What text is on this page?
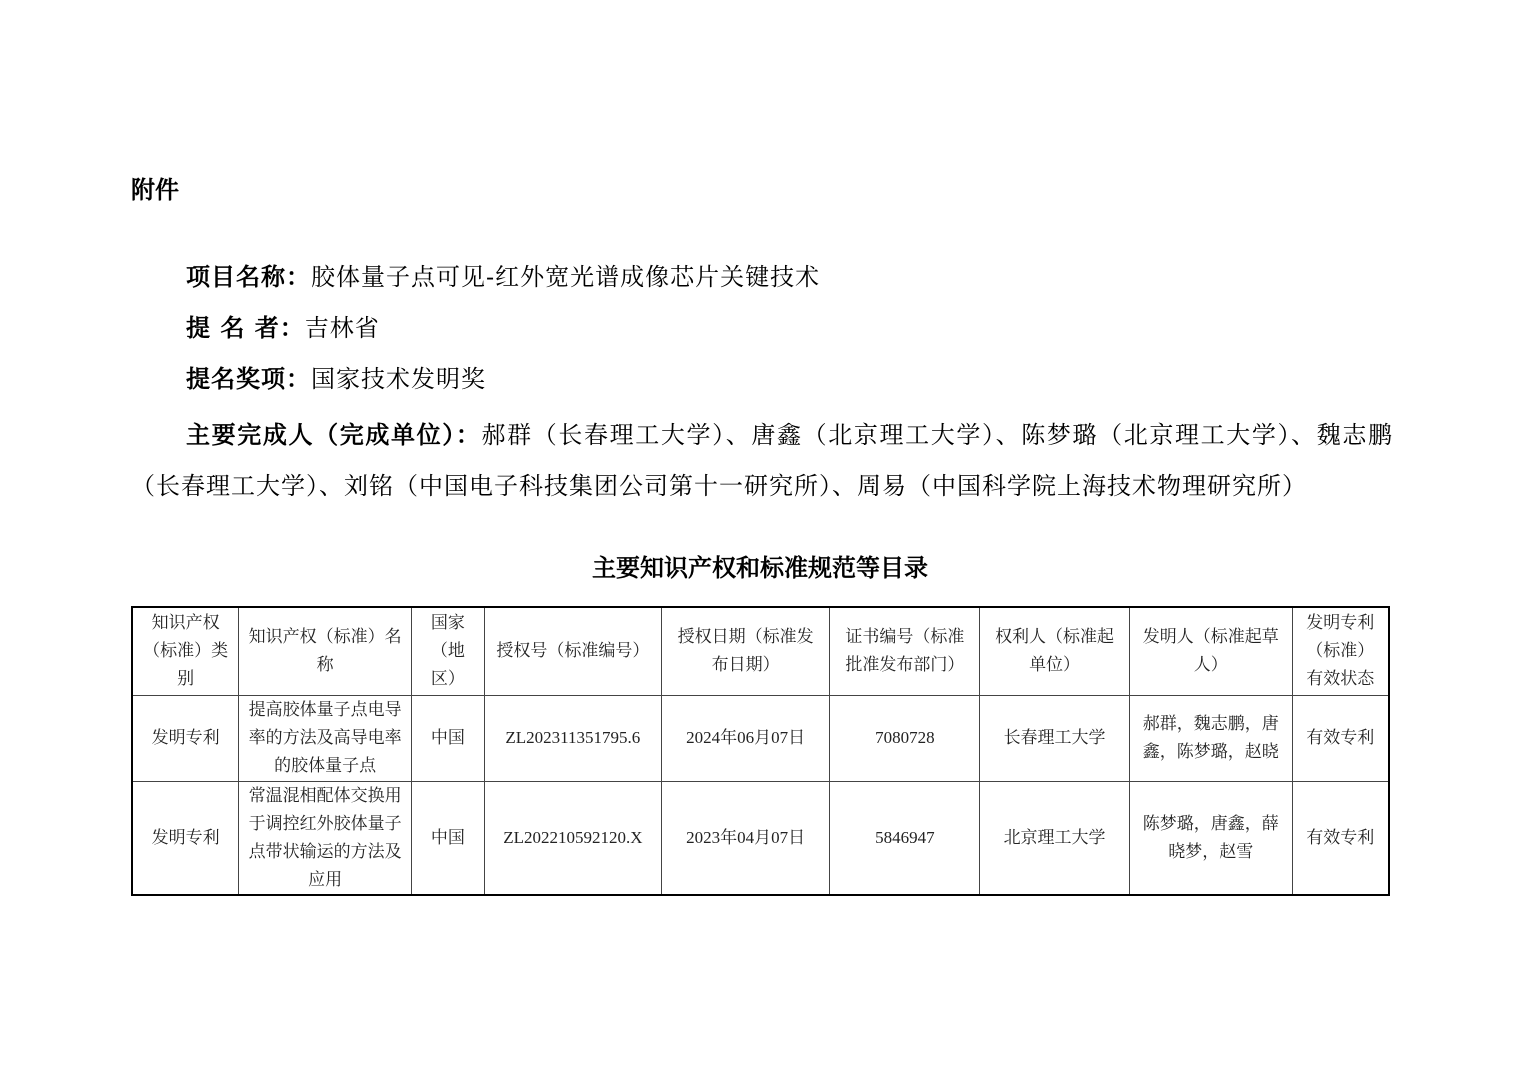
附件
项目名称：胶体量子点可见-红外宽光谱成像芯片关键技术
提 名 者：吉林省
提名奖项：国家技术发明奖
主要完成人（完成单位）：郝群（长春理工大学）、唐鑫（北京理工大学）、陈梦璐（北京理工大学）、魏志鹏（长春理工大学）、刘铭（中国电子科技集团公司第十一研究所）、周易（中国科学院上海技术物理研究所）
主要知识产权和标准规范等目录
知识产权（标准）类别	知识产权（标准）名称	国家（地区）	授权号（标准编号）	授权日期（标准发布日期）	证书编号（标准批准发布部门）	权利人（标准起单位）	发明人（标准起草人）	发明专利（标准）有效状态
发明专利	提高胶体量子点电导率的方法及高导电率的胶体量子点	中国	ZL202311351795.6	2024年06月07日	7080728	长春理工大学	郝群，魏志鹏，唐鑫，陈梦璐，赵晓	有效专利
发明专利	常温混相配体交换用于调控红外胶体量子点带状输运的方法及应用	中国	ZL202210592120.X	2023年04月07日	5846947	北京理工大学	陈梦璐，唐鑫，薛晓梦，赵雪	有效专利
